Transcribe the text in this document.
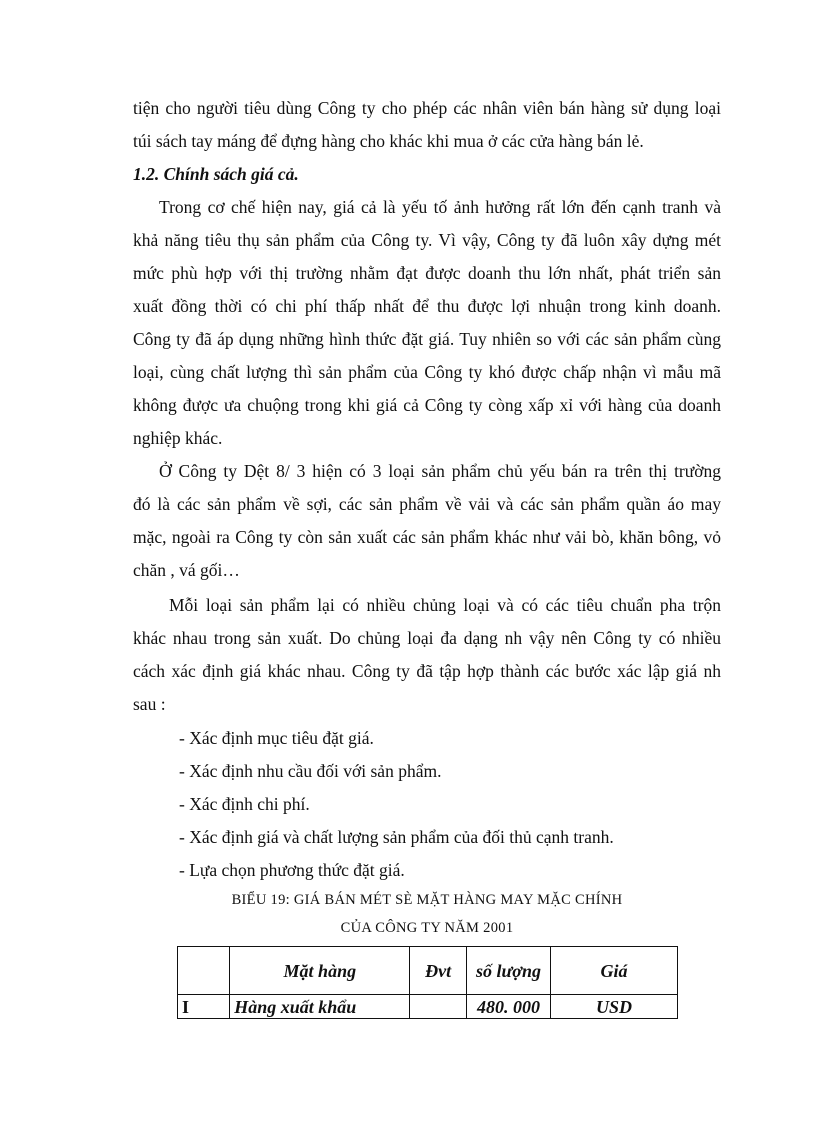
tiện cho người tiêu dùng Công ty cho phép các nhân viên bán hàng sử dụng loại
túi sách tay máng để đựng hàng cho khác khi mua ở các cửa hàng bán lẻ.
1.2. Chính sách giá cả.
Trong cơ chế hiện nay, giá cả là yếu tố ảnh hưởng rất lớn đến cạnh tranh và
khả năng tiêu thụ sản phẩm của Công ty. Vì vậy, Công ty đã luôn xây dựng mét
mức phù hợp với thị trường nhằm đạt được doanh thu lớn nhất, phát triển sản
xuất đồng thời có chi phí thấp nhất để thu được lợi nhuận trong kinh doanh.
Công ty đã áp dụng những hình thức đặt giá. Tuy nhiên so với các sản phẩm cùng
loại, cùng chất lượng thì sản phẩm của Công ty khó được chấp nhận vì mẫu mã
không được ưa chuộng trong khi giá cả Công ty còng xấp xỉ với hàng của doanh
nghiệp khác.
Ở Công ty Dệt 8/ 3 hiện có 3 loại sản phẩm chủ yếu bán ra trên thị trường
đó là các sản phẩm về sợi, các sản phẩm về vải và các sản phẩm quần áo may
mặc, ngoài ra Công ty còn sản xuất các sản phẩm khác như vải bò, khăn bông, vỏ
chăn , vá gối…
Mỗi loại sản phẩm lại có nhiều chủng loại và có các tiêu chuẩn pha trộn
khác nhau trong sản xuất. Do chủng loại đa dạng nh vậy nên Công ty có nhiều
cách xác định giá khác nhau. Công ty đã tập hợp thành các bước xác lập giá nh
sau :
- Xác định mục tiêu đặt giá.
- Xác định nhu cầu đối với sản phẩm.
- Xác định chi phí.
- Xác định giá và chất lượng sản phẩm của đối thủ cạnh tranh.
- Lựa chọn phương thức đặt giá.
BIỂU 19: GIÁ BÁN MÉT SÈ MẶT HÀNG MAY MẶC CHÍNH
CỦA CÔNG TY NĂM 2001
	Mặt hàng	Đvt	số lượng	Giá
I	Hàng xuất khẩu		480. 000	USD
